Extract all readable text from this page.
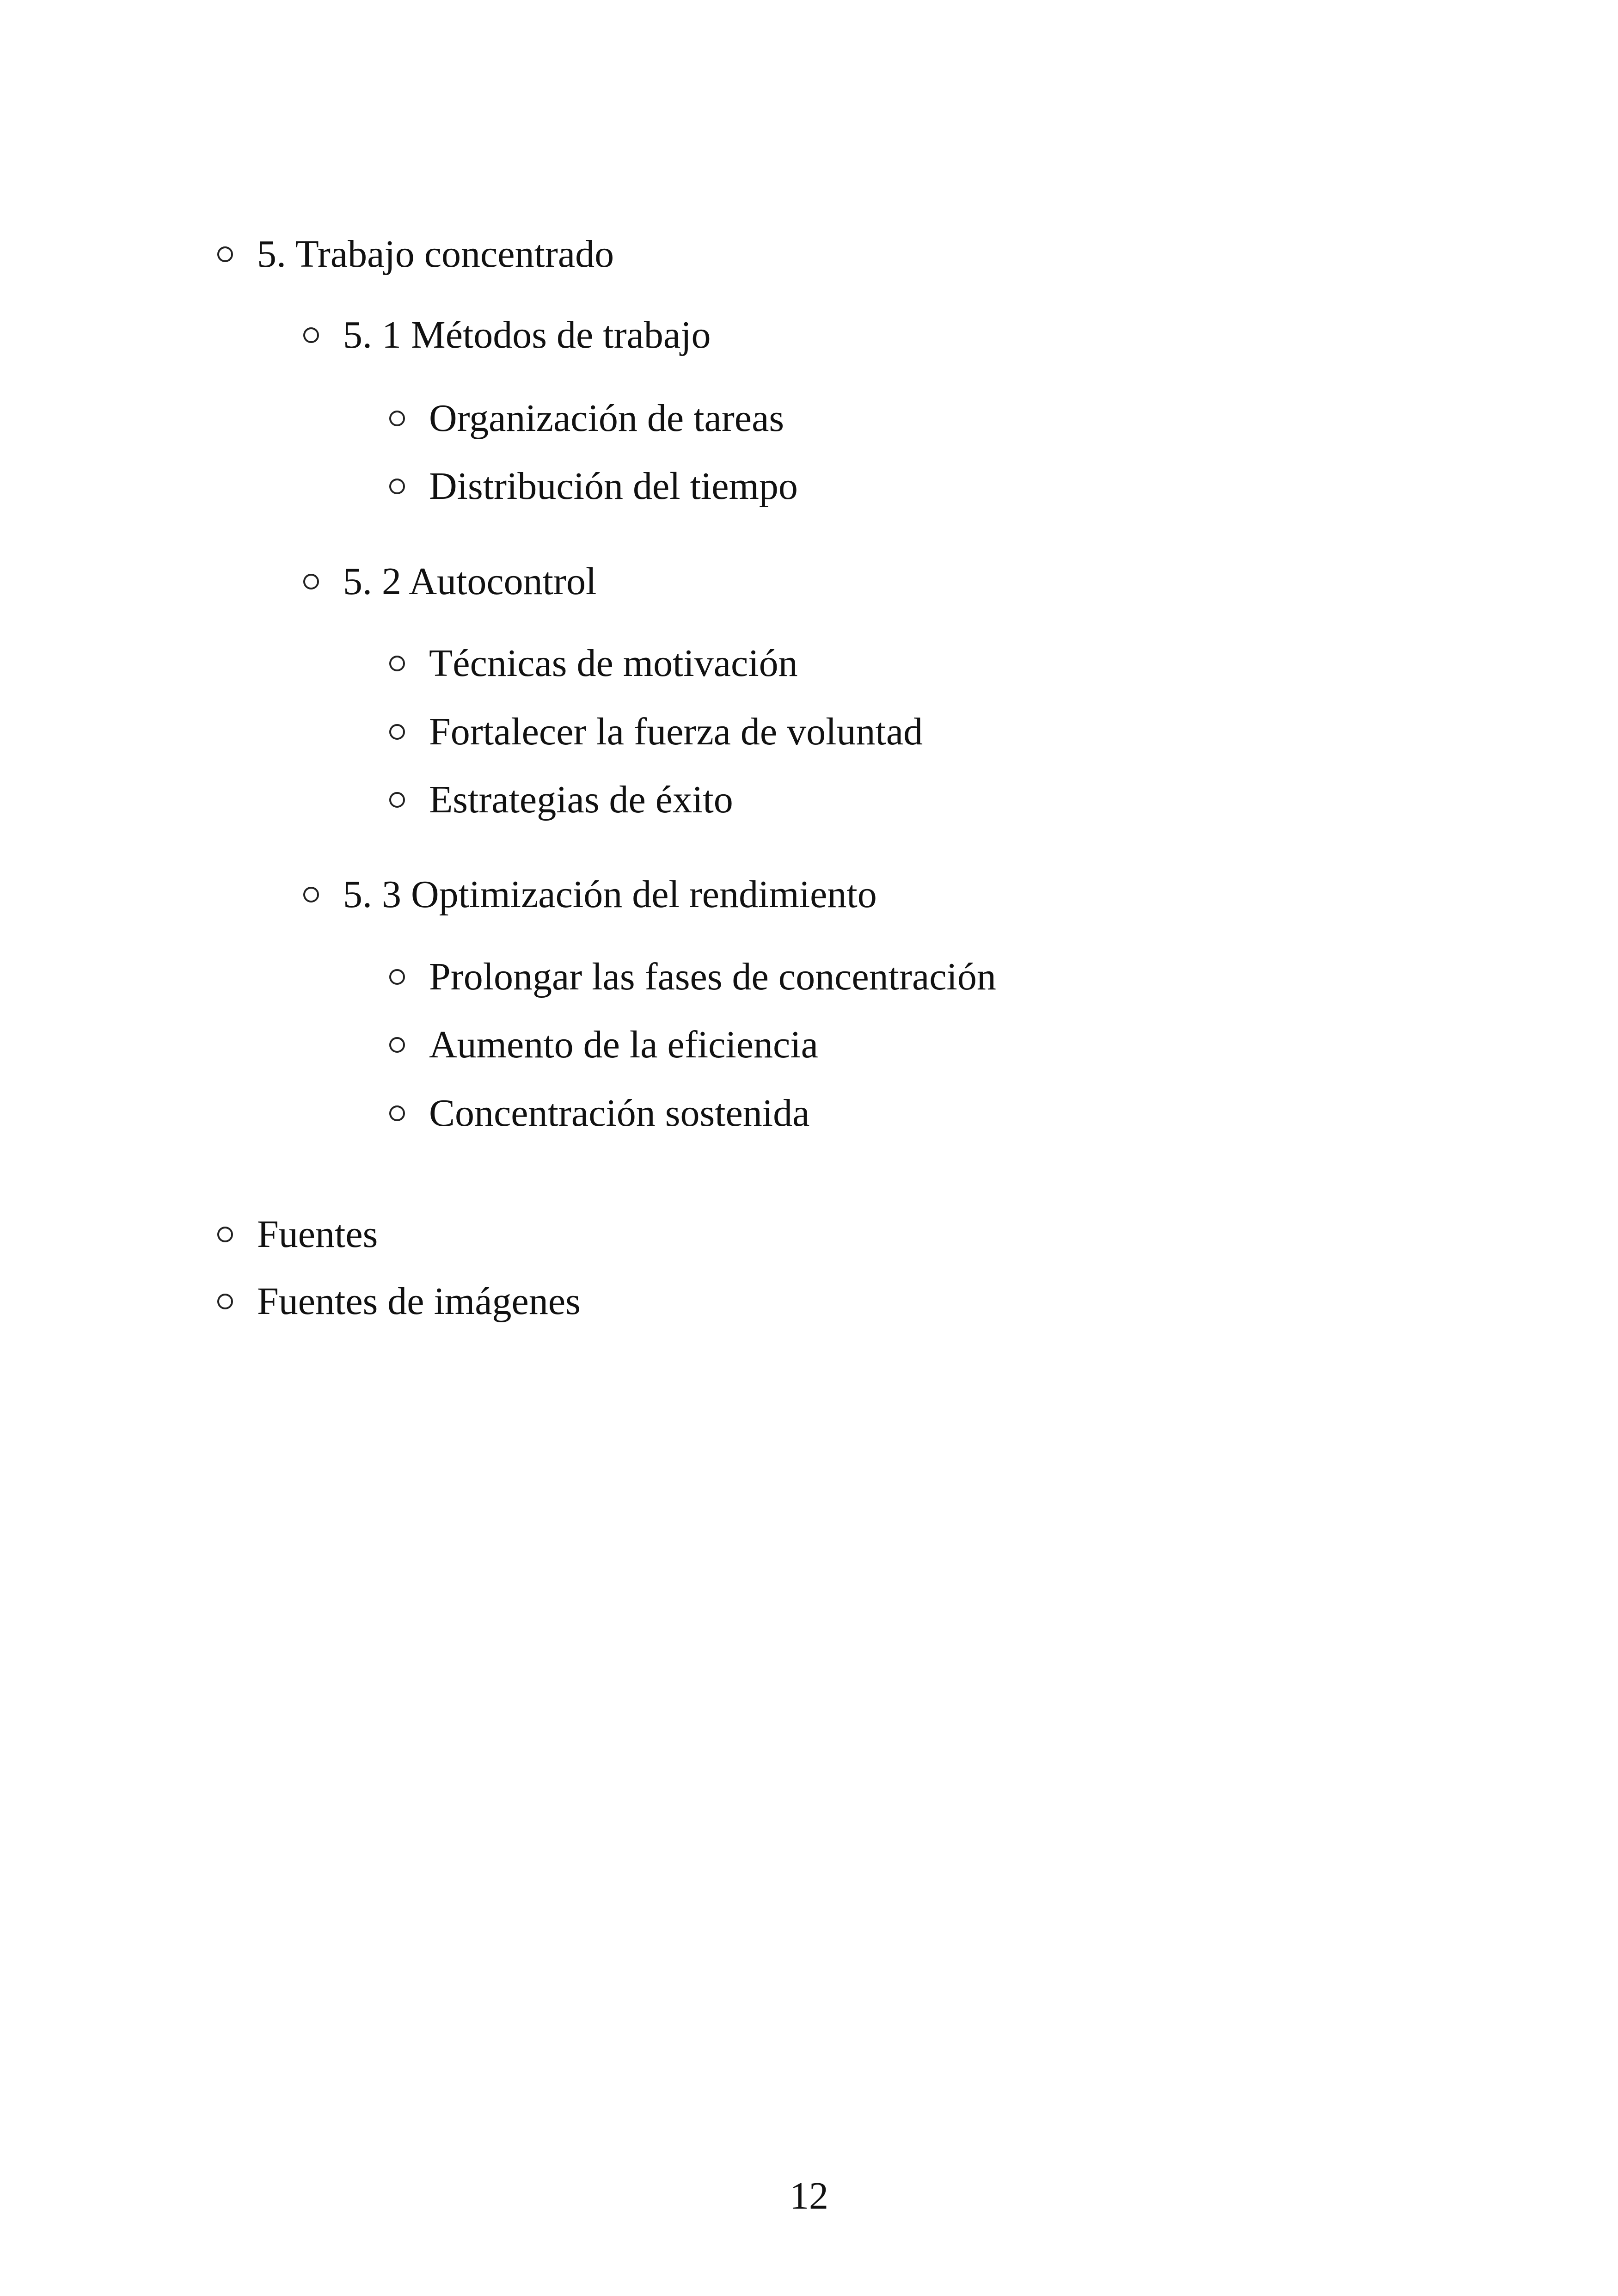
5. Trabajo concentrado
5. 1 Métodos de trabajo
Organización de tareas
Distribución del tiempo
5. 2 Autocontrol
Técnicas de motivación
Fortalecer la fuerza de voluntad
Estrategias de éxito
5. 3 Optimización del rendimiento
Prolongar las fases de concentración
Aumento de la eficiencia
Concentración sostenida
Fuentes
Fuentes de imágenes
12
